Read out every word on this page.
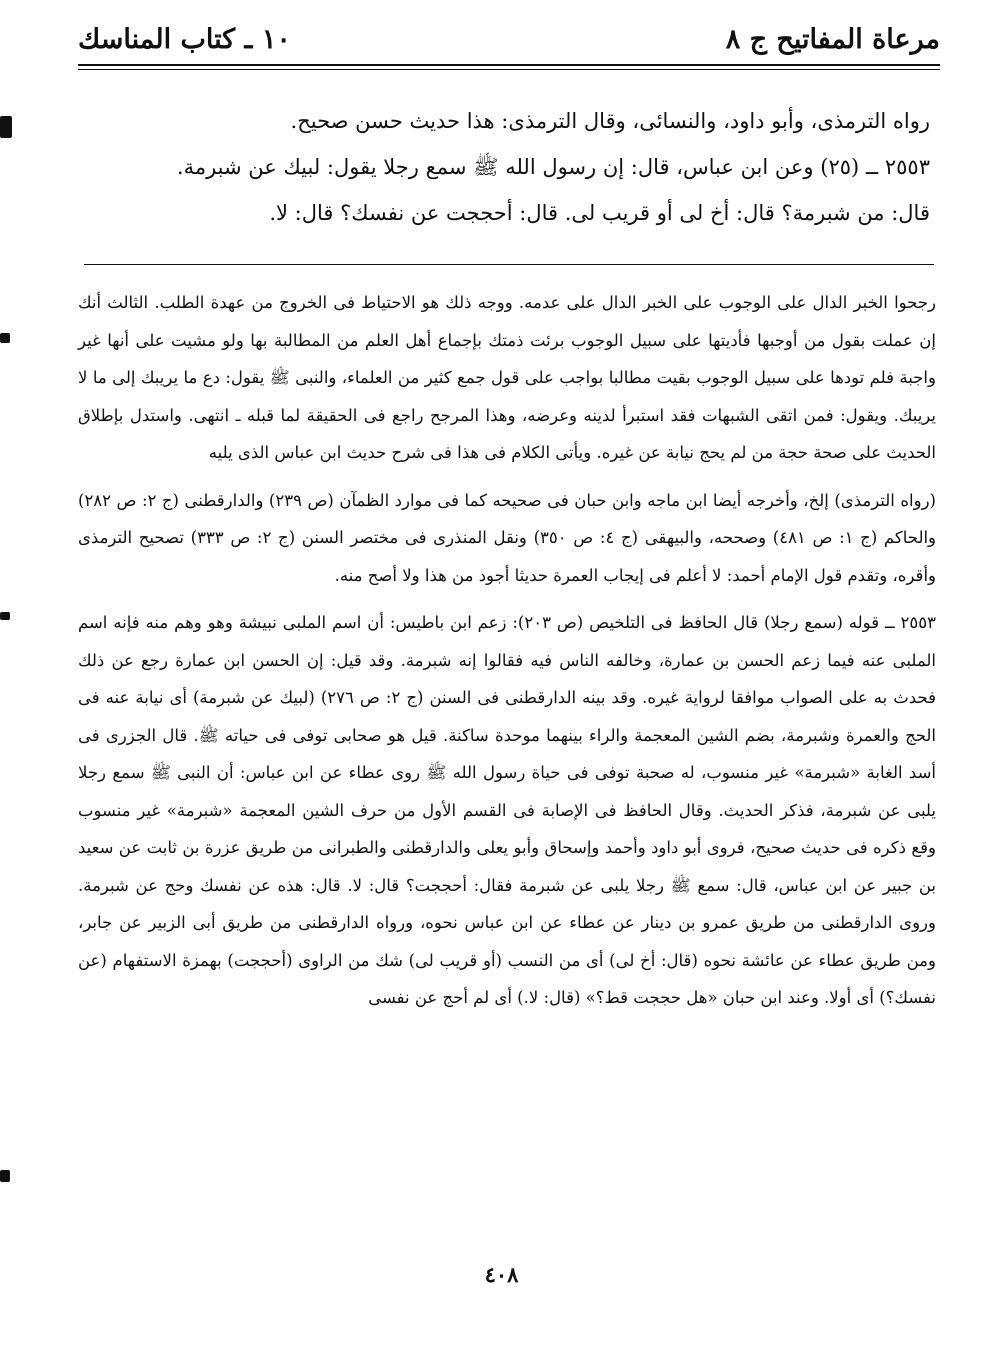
مرعاة المفاتيح ج ٨
١٠ ـ كتاب المناسك

رواه الترمذى، وأبو داود، والنسائى، وقال الترمذى: هذا حديث حسن صحيح.

٢٥٥٣ ــ (٢٥) وعن ابن عباس، قال: إن رسول الله ﷺ سمع رجلا يقول: لبيك عن شبرمة.

قال: من شبرمة؟ قال: أخ لى أو قريب لى. قال: أحججت عن نفسك؟ قال: لا.

رجحوا الخبر الدال على الوجوب على الخبر الدال على عدمه. ووجه ذلك هو الاحتياط فى الخروج من عهدة الطلب. الثالث أنك إن عملت بقول من أوجبها فأديتها على سبيل الوجوب برئت ذمتك بإجماع أهل العلم من المطالبة بها ولو مشيت على أنها غير واجبة فلم تودها على سبيل الوجوب بقيت مطالبا بواجب على قول جمع كثير من العلماء، والنبى ﷺ يقول: دع ما يريبك إلى ما لا يريبك. ويقول: فمن اتقى الشبهات فقد استبرأ لدينه وعرضه، وهذا المرجح راجع فى الحقيقة لما قبله ـ انتهى. واستدل بإطلاق الحديث على صحة حجة من لم يحج نيابة عن غيره. ويأتى الكلام فى هذا فى شرح حديث ابن عباس الذى يليه

(رواه الترمذى) إلخ، وأخرجه أيضا ابن ماجه وابن حبان فى صحيحه كما فى موارد الظمآن (ص ٢٣٩) والدارقطنى (ج ٢: ص ٢٨٢) والحاكم (ج ١: ص ٤٨١) وصححه، والبيهقى (ج ٤: ص ٣٥٠) ونقل المنذرى فى مختصر السنن (ج ٢: ص ٣٣٣) تصحيح الترمذى وأقره، وتقدم قول الإمام أحمد: لا أعلم فى إيجاب العمرة حديثا أجود من هذا ولا أصح منه.

٢٥٥٣ ــ قوله (سمع رجلا) قال الحافظ فى التلخيص (ص ٢٠٣): زعم ابن باطيس: أن اسم الملبى نبيشة وهو وهم منه فإنه اسم الملبى عنه فيما زعم الحسن بن عمارة، وخالفه الناس فيه فقالوا إنه شبرمة. وقد قيل: إن الحسن ابن عمارة رجع عن ذلك فحدث به على الصواب موافقا لرواية غيره. وقد بينه الدارقطنى فى السنن (ج ٢: ص ٢٧٦) (لبيك عن شبرمة) أى نيابة عنه فى الحج والعمرة وشبرمة، بضم الشين المعجمة والراء بينهما موحدة ساكنة. قيل هو صحابى توفى فى حياته ﷺ. قال الجزرى فى أسد الغابة «شبرمة» غير منسوب، له صحبة توفى فى حياة رسول الله ﷺ روى عطاء عن ابن عباس: أن النبى ﷺ سمع رجلا يلبى عن شبرمة، فذكر الحديث. وقال الحافظ فى الإصابة فى القسم الأول من حرف الشين المعجمة «شبرمة» غير منسوب وقع ذكره فى حديث صحيح، فروى أبو داود وأحمد وإسحاق وأبو يعلى والدارقطنى والطبرانى من طريق عزرة بن ثابت عن سعيد بن جبير عن ابن عباس، قال: سمع ﷺ رجلا يلبى عن شبرمة فقال: أحججت؟ قال: لا. قال: هذه عن نفسك وحج عن شبرمة. وروى الدارقطنى من طريق عمرو بن دينار عن عطاء عن ابن عباس نحوه، ورواه الدارقطنى من طريق أبى الزبير عن جابر، ومن طريق عطاء عن عائشة نحوه (قال: أخ لى) أى من النسب (أو قريب لى) شك من الراوى (أحججت) بهمزة الاستفهام (عن نفسك؟) أى أولا. وعند ابن حبان «هل حججت قط؟» (قال: لا.) أى لم أحج عن نفسى

٤٠٨
